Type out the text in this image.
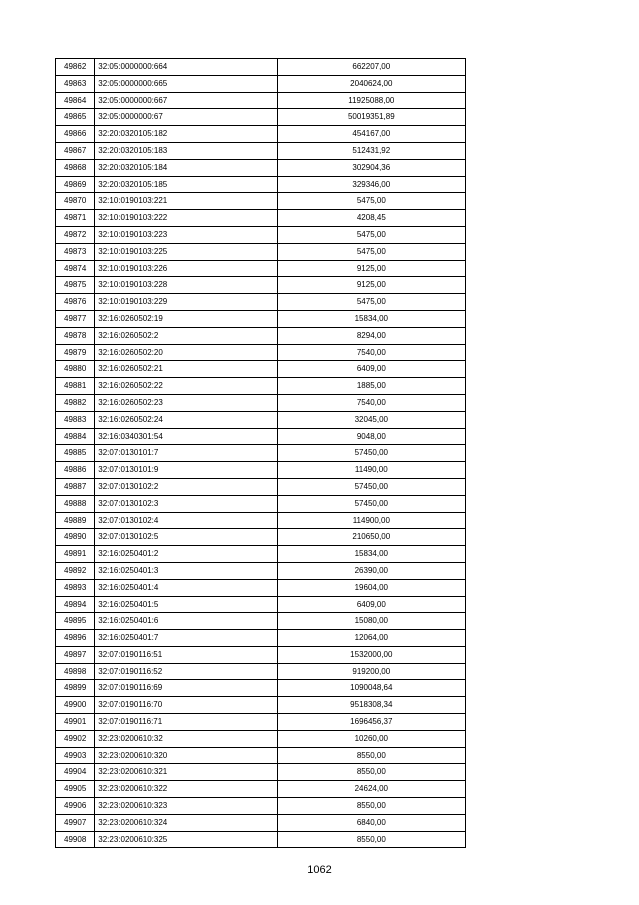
49862	32:05:0000000:664	662207,00
49863	32:05:0000000:665	2040624,00
49864	32:05:0000000:667	11925088,00
49865	32:05:0000000:67	50019351,89
49866	32:20:0320105:182	454167,00
49867	32:20:0320105:183	512431,92
49868	32:20:0320105:184	302904,36
49869	32:20:0320105:185	329346,00
49870	32:10:0190103:221	5475,00
49871	32:10:0190103:222	4208,45
49872	32:10:0190103:223	5475,00
49873	32:10:0190103:225	5475,00
49874	32:10:0190103:226	9125,00
49875	32:10:0190103:228	9125,00
49876	32:10:0190103:229	5475,00
49877	32:16:0260502:19	15834,00
49878	32:16:0260502:2	8294,00
49879	32:16:0260502:20	7540,00
49880	32:16:0260502:21	6409,00
49881	32:16:0260502:22	1885,00
49882	32:16:0260502:23	7540,00
49883	32:16:0260502:24	32045,00
49884	32:16:0340301:54	9048,00
49885	32:07:0130101:7	57450,00
49886	32:07:0130101:9	11490,00
49887	32:07:0130102:2	57450,00
49888	32:07:0130102:3	57450,00
49889	32:07:0130102:4	114900,00
49890	32:07:0130102:5	210650,00
49891	32:16:0250401:2	15834,00
49892	32:16:0250401:3	26390,00
49893	32:16:0250401:4	19604,00
49894	32:16:0250401:5	6409,00
49895	32:16:0250401:6	15080,00
49896	32:16:0250401:7	12064,00
49897	32:07:0190116:51	1532000,00
49898	32:07:0190116:52	919200,00
49899	32:07:0190116:69	1090048,64
49900	32:07:0190116:70	9518308,34
49901	32:07:0190116:71	1696456,37
49902	32:23:0200610:32	10260,00
49903	32:23:0200610:320	8550,00
49904	32:23:0200610:321	8550,00
49905	32:23:0200610:322	24624,00
49906	32:23:0200610:323	8550,00
49907	32:23:0200610:324	6840,00
49908	32:23:0200610:325	8550,00
1062
